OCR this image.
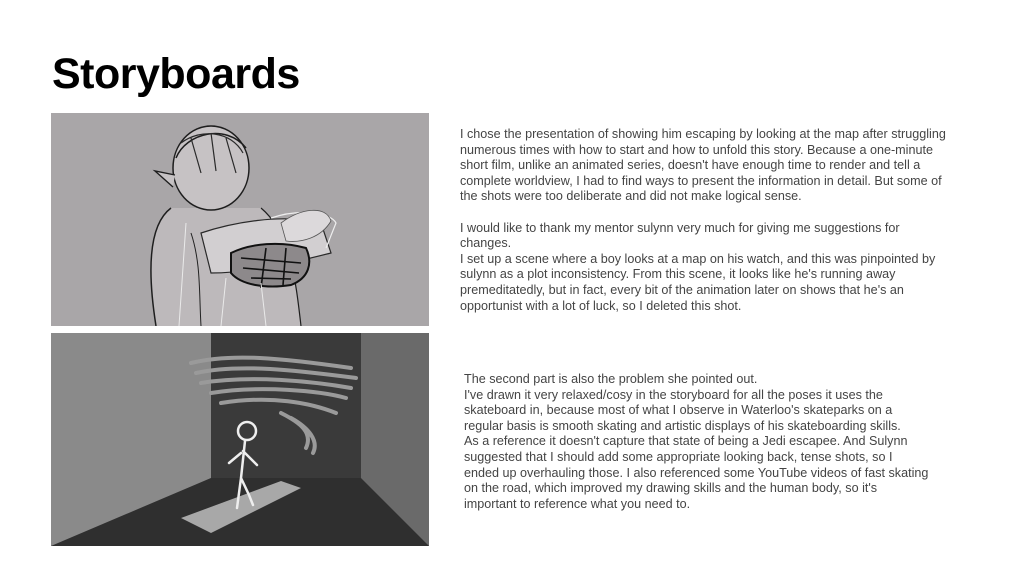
Storyboards

I chose the presentation of showing him escaping by looking at the map after struggling

numerous times with how to start and how to unfold this story. Because a one-minute

short film, unlike an animated series, doesn't have enough time to render and tell a

complete worldview, I had to find ways to present the information in detail. But some of

the shots were too deliberate and did not make logical sense.

I would like to thank my mentor sulynn very much for giving me suggestions for

changes.

I set up a scene where a boy looks at a map on his watch, and this was pinpointed by

sulynn as a plot inconsistency. From this scene, it looks like he's running away

premeditatedly, but in fact, every bit of the animation later on shows that he's an

opportunist with a lot of luck, so I deleted this shot.

The second part is also the problem she pointed out.

I've drawn it very relaxed/cosy in the storyboard for all the poses it uses the

skateboard in, because most of what I observe in Waterloo's skateparks on a

regular basis is smooth skating and artistic displays of his skateboarding skills.

As a reference it doesn't capture that state of being a Jedi escapee. And Sulynn

suggested that I should add some appropriate looking back, tense shots, so I

ended up overhauling those. I also referenced some YouTube videos of fast skating

on the road, which improved my drawing skills and the human body, so it's

important to reference what you need to.
